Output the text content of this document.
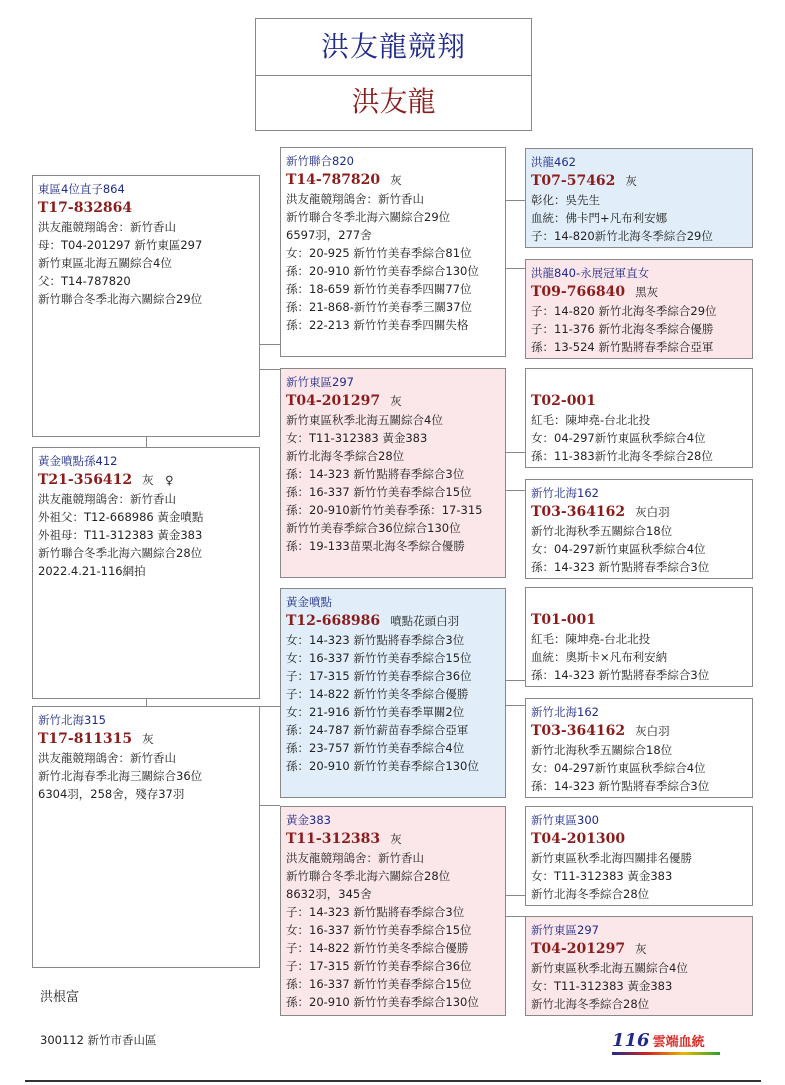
洪友龍競翔
洪友龍
東區4位直子864
T17-832864
洪友龍競翔鴿舍：新竹香山
母：T04-201297 新竹東區297
新竹東區北海五關綜合4位
父：T14-787820
新竹聯合冬季北海六關綜合29位
黃金噴點孫412
T21-356412 灰　♀
洪友龍競翔鴿舍：新竹香山
外祖父：T12-668986 黃金噴點
外祖母：T11-312383 黃金383
新竹聯合冬季北海六關綜合28位
2022.4.21-116網拍
新竹北海315
T17-811315 灰
洪友龍競翔鴿舍：新竹香山
新竹北海春季北海三關綜合36位
6304羽，258舍，殘存37羽
新竹聯合820
T14-787820 灰
洪友龍競翔鴿舍：新竹香山
新竹聯合冬季北海六關綜合29位
6597羽，277舍
女：20-925 新竹竹美春季綜合81位
孫：20-910 新竹竹美春季綜合130位
孫：18-659 新竹竹美春季四關77位
孫：21-868-新竹竹美春季三關37位
孫：22-213 新竹竹美春季四關失格
新竹東區297
T04-201297 灰
新竹東區秋季北海五關綜合4位
女：T11-312383 黃金383
新竹北海冬季綜合28位
孫：14-323 新竹點將春季綜合3位
孫：16-337 新竹竹美春季綜合15位
孫：20-910新竹竹美春季孫：17-315
新竹竹美春季綜合36位綜合130位
孫：19-133苗栗北海冬季綜合優勝
黃金噴點
T12-668986 噴點花頭白羽
女：14-323 新竹點將春季綜合3位
女：16-337 新竹竹美春季綜合15位
子：17-315 新竹竹美春季綜合36位
子：14-822 新竹竹美冬季綜合優勝
女：21-916 新竹竹美春季單關2位
孫：24-787 新竹薪苗春季綜合亞軍
孫：23-757 新竹竹美春季綜合4位
孫：20-910 新竹竹美春季綜合130位
黃金383
T11-312383 灰
洪友龍競翔鴿舍：新竹香山
新竹聯合冬季北海六關綜合28位
8632羽，345舍
子：14-323 新竹點將春季綜合3位
女：16-337 新竹竹美春季綜合15位
子：14-822 新竹竹美冬季綜合優勝
子：17-315 新竹竹美春季綜合36位
孫：16-337 新竹竹美春季綜合15位
孫：20-910 新竹竹美春季綜合130位
洪龍462
T07-57462 灰
彰化：吳先生
血統：佛卡門+凡布利安娜
子：14-820新竹北海冬季綜合29位
洪龍840-永展冠軍直女
T09-766840 黑灰
子：14-820 新竹北海冬季綜合29位
子：11-376 新竹北海冬季綜合優勝
孫：13-524 新竹點將春季綜合亞軍
T02-001
紅毛：陳坤堯-台北北投
女：04-297新竹東區秋季綜合4位
孫：11-383新竹北海冬季綜合28位
新竹北海162
T03-364162 灰白羽
新竹北海秋季五關綜合18位
女：04-297新竹東區秋季綜合4位
孫：14-323 新竹點將春季綜合3位
T01-001
紅毛：陳坤堯-台北北投
血統：奧斯卡×凡布利安納
孫：14-323 新竹點將春季綜合3位
新竹北海162
T03-364162 灰白羽
新竹北海秋季五關綜合18位
女：04-297新竹東區秋季綜合4位
孫：14-323 新竹點將春季綜合3位
新竹東區300
T04-201300
新竹東區秋季北海四關排名優勝
女：T11-312383 黃金383
新竹北海冬季綜合28位
新竹東區297
T04-201297 灰
新竹東區秋季北海五關綜合4位
女：T11-312383 黃金383
新竹北海冬季綜合28位
洪根富
300112 新竹市香山區	116 雲端血統
